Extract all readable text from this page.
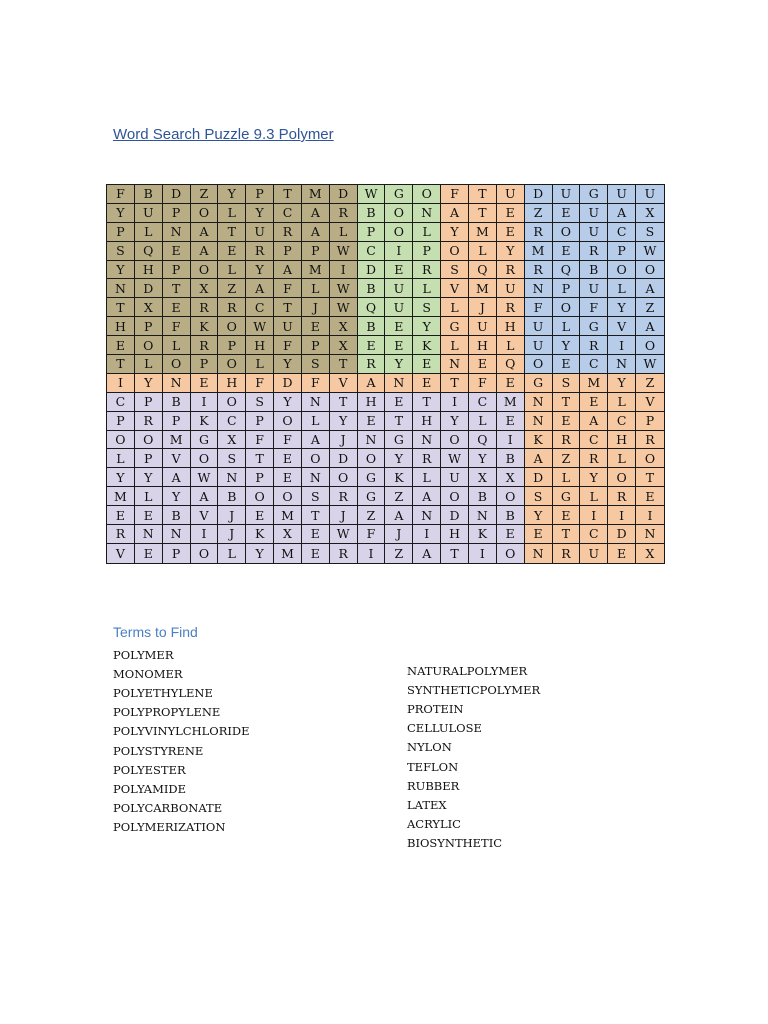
Word Search Puzzle 9.3 Polymer
F	B	D	Z	Y	P	T	M	D	W	G	O	F	T	U	D	U	G	U	U
Y	U	P	O	L	Y	C	A	R	B	O	N	A	T	E	Z	E	U	A	X
P	L	N	A	T	U	R	A	L	P	O	L	Y	M	E	R	O	U	C	S
S	Q	E	A	E	R	P	P	W	C	I	P	O	L	Y	M	E	R	P	W
Y	H	P	O	L	Y	A	M	I	D	E	R	S	Q	R	R	Q	B	O	O
N	D	T	X	Z	A	F	L	W	B	U	L	V	M	U	N	P	U	L	A
T	X	E	R	R	C	T	J	W	Q	U	S	L	J	R	F	O	F	Y	Z
H	P	F	K	O	W	U	E	X	B	E	Y	G	U	H	U	L	G	V	A
E	O	L	R	P	H	F	P	X	E	E	K	L	H	L	U	Y	R	I	O
T	L	O	P	O	L	Y	S	T	R	Y	E	N	E	Q	O	E	C	N	W
I	Y	N	E	H	F	D	F	V	A	N	E	T	F	E	G	S	M	Y	Z
C	P	B	I	O	S	Y	N	T	H	E	T	I	C	M	N	T	E	L	V
P	R	P	K	C	P	O	L	Y	E	T	H	Y	L	E	N	E	A	C	P
O	O	M	G	X	F	F	A	J	N	G	N	O	Q	I	K	R	C	H	R
L	P	V	O	S	T	E	O	D	O	Y	R	W	Y	B	A	Z	R	L	O
Y	Y	A	W	N	P	E	N	O	G	K	L	U	X	X	D	L	Y	O	T
M	L	Y	A	B	O	O	S	R	G	Z	A	O	B	O	S	G	L	R	E
E	E	B	V	J	E	M	T	J	Z	A	N	D	N	B	Y	E	I	I	I
R	N	N	I	J	K	X	E	W	F	J	I	H	K	E	E	T	C	D	N
V	E	P	O	L	Y	M	E	R	I	Z	A	T	I	O	N	R	U	E	X
Terms to Find
POLYMER
MONOMER
POLYETHYLENE
POLYPROPYLENE
POLYVINYLCHLORIDE
POLYSTYRENE
POLYESTER
POLYAMIDE
POLYCARBONATE
POLYMERIZATION
NATURALPOLYMER
SYNTHETICPOLYMER
PROTEIN
CELLULOSE
NYLON
TEFLON
RUBBER
LATEX
ACRYLIC
BIOSYNTHETIC
